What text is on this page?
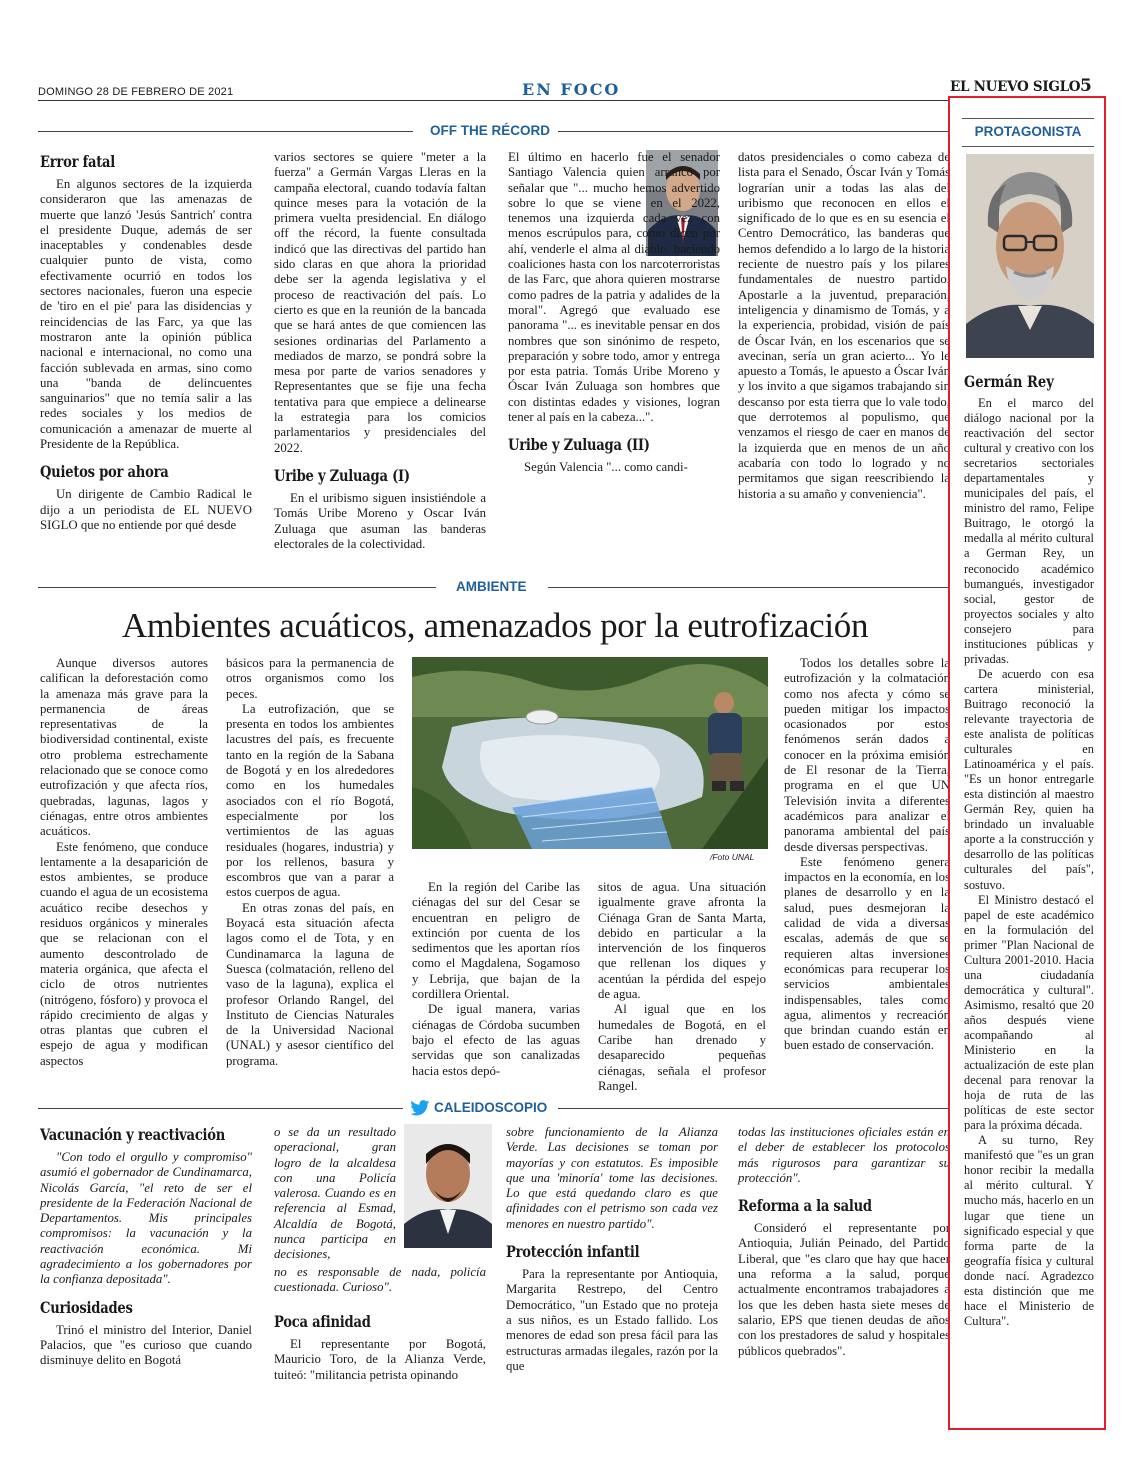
DOMINGO 28 DE FEBRERO DE 2021	EN FOCO	EL NUEVO SIGLO 5
OFF THE RÉCORD
Error fatal

En algunos sectores de la izquierda consideraron que las amenazas de muerte que lanzó 'Jesús Santrich' contra el presidente Duque, además de ser inaceptables y condenables desde cualquier punto de vista, como efectivamente ocurrió en todos los sectores nacionales, fueron una especie de 'tiro en el pie' para las disidencias y reincidencias de las Farc, ya que las mostraron ante la opinión pública nacional e internacional, no como una facción sublevada en armas, sino como una "banda de delincuentes sanguinarios" que no temía salir a las redes sociales y los medios de comunicación a amenazar de muerte al Presidente de la República.

Quietos por ahora

Un dirigente de Cambio Radical le dijo a un periodista de EL NUEVO SIGLO que no entiende por qué desde

varios sectores se quiere "meter a la fuerza" a Germán Vargas Lleras en la campaña electoral, cuando todavía faltan quince meses para la votación de la primera vuelta presidencial. En diálogo off the récord, la fuente consultada indicó que las directivas del partido han sido claras en que ahora la prioridad debe ser la agenda legislativa y el proceso de reactivación del país. Lo cierto es que en la reunión de la bancada que se hará antes de que comiencen las sesiones ordinarias del Parlamento a mediados de marzo, se pondrá sobre la mesa por parte de varios senadores y Representantes que se fije una fecha tentativa para que empiece a delinearse la estrategia para los comicios parlamentarios y presidenciales del 2022.

Uribe y Zuluaga (I)

En el uribismo siguen insistiéndole a Tomás Uribe Moreno y Oscar Iván Zuluaga que asuman las banderas electorales de la colectividad.

El último en hacerlo fue el senador Santiago Valencia quien arrancó por señalar que "... mucho hemos advertido sobre lo que se viene en el 2022, tenemos una izquierda cada vez con menos escrúpulos para, como dicen por ahí, venderle el alma al diablo, haciendo coaliciones hasta con los narcoterroristas de las Farc, que ahora quieren mostrarse como padres de la patria y adalides de la moral". Agregó que evaluado ese panorama "... es inevitable pensar en dos nombres que son sinónimo de respeto, preparación y sobre todo, amor y entrega por esta patria. Tomás Uribe Moreno y Óscar Iván Zuluaga son hombres que con distintas edades y visiones, logran tener al país en la cabeza...".

Uribe y Zuluaga (II)

Según Valencia "... como candi-

datos presidenciales o como cabeza de lista para el Senado, Óscar Iván y Tomás lograrían unir a todas las alas del uribismo que reconocen en ellos el significado de lo que es en su esencia el Centro Democrático, las banderas que hemos defendido a lo largo de la historia reciente de nuestro país y los pilares fundamentales de nuestro partido. Apostarle a la juventud, preparación, inteligencia y dinamismo de Tomás, y a la experiencia, probidad, visión de país de Óscar Iván, en los escenarios que se avecinan, sería un gran acierto... Yo le apuesto a Tomás, le apuesto a Óscar Iván y los invito a que sigamos trabajando sin descanso por esta tierra que lo vale todo, que derrotemos al populismo, que venzamos el riesgo de caer en manos de la izquierda que en menos de un año acabaría con todo lo logrado y no permitamos que sigan reescribiendo la historia a su amaño y conveniencia".

AMBIENTE
Ambientes acuáticos, amenazados por la eutrofización

Aunque diversos autores califican la deforestación como la amenaza más grave para la permanencia de áreas representativas de la biodiversidad continental, existe otro problema estrechamente relacionado que se conoce como eutrofización y que afecta ríos, quebradas, lagunas, lagos y ciénagas, entre otros ambientes acuáticos.

Este fenómeno, que conduce lentamente a la desaparición de estos ambientes, se produce cuando el agua de un ecosistema acuático recibe desechos y residuos orgánicos y minerales que se relacionan con el aumento descontrolado de materia orgánica, que afecta el ciclo de otros nutrientes (nitrógeno, fósforo) y provoca el rápido crecimiento de algas y otras plantas que cubren el espejo de agua y modifican aspectos

básicos para la permanencia de otros organismos como los peces.

La eutrofización, que se presenta en todos los ambientes lacustres del país, es frecuente tanto en la región de la Sabana de Bogotá y en los alrededores como en los humedales asociados con el río Bogotá, especialmente por los vertimientos de las aguas residuales (hogares, industria) y por los rellenos, basura y escombros que van a parar a estos cuerpos de agua.

En otras zonas del país, en Boyacá esta situación afecta lagos como el de Tota, y en Cundinamarca la laguna de Suesca (colmatación, relleno del vaso de la laguna), explica el profesor Orlando Rangel, del Instituto de Ciencias Naturales de la Universidad Nacional (UNAL) y asesor científico del programa.

/Foto UNAL

En la región del Caribe las ciénagas del sur del Cesar se encuentran en peligro de extinción por cuenta de los sedimentos que les aportan ríos como el Magdalena, Sogamoso y Lebrija, que bajan de la cordillera Oriental.

De igual manera, varias ciénagas de Córdoba sucumben bajo el efecto de las aguas servidas que son canalizadas hacia estos depó-

sitos de agua. Una situación igualmente grave afronta la Ciénaga Gran de Santa Marta, debido en particular a la intervención de los finqueros que rellenan los diques y acentúan la pérdida del espejo de agua.

Al igual que en los humedales de Bogotá, en el Caribe han drenado y desaparecido pequeñas ciénagas, señala el profesor Rangel.

Todos los detalles sobre la eutrofización y la colmatación como nos afecta y cómo se pueden mitigar los impactos ocasionados por estos fenómenos serán dados a conocer en la próxima emisión de El resonar de la Tierra, programa en el que UN Televisión invita a diferentes académicos para analizar el panorama ambiental del país desde diversas perspectivas.

Este fenómeno genera impactos en la economía, en los planes de desarrollo y en la salud, pues desmejoran la calidad de vida a diversas escalas, además de que se requieren altas inversiones económicas para recuperar los servicios ambientales indispensables, tales como agua, alimentos y recreación que brindan cuando están en buen estado de conservación.

CALEIDOSCOPIO
Vacunación y reactivación

"Con todo el orgullo y compromiso" asumió el gobernador de Cundinamarca, Nicolás García, "el reto de ser el presidente de la Federación Nacional de Departamentos. Mis principales compromisos: la vacunación y la reactivación económica. Mi agradecimiento a los gobernadores por la confianza depositada".

Curiosidades

Trinó el ministro del Interior, Daniel Palacios, que "es curioso que cuando disminuye delito en Bogotá

o se da un resultado operacional, gran logro de la alcaldesa con una Policía valerosa. Cuando es en referencia al Esmad, Alcaldía de Bogotá, nunca participa en decisiones,

no es responsable de nada, policía cuestionada. Curioso".

Poca afinidad

El representante por Bogotá, Mauricio Toro, de la Alianza Verde, tuiteó: "militancia petrista opinando

sobre funcionamiento de la Alianza Verde. Las decisiones se toman por mayorías y con estatutos. Es imposible que una 'minoría' tome las decisiones. Lo que está quedando claro es que afinidades con el petrismo son cada vez menores en nuestro partido".

Protección infantil

Para la representante por Antioquia, Margarita Restrepo, del Centro Democrático, "un Estado que no proteja a sus niños, es un Estado fallido. Los menores de edad son presa fácil para las estructuras armadas ilegales, razón por la que

todas las instituciones oficiales están en el deber de establecer los protocolos más rigurosos para garantizar su protección".

Reforma a la salud

Consideró el representante por Antioquia, Julián Peinado, del Partido Liberal, que "es claro que hay que hacer una reforma a la salud, porque actualmente encontramos trabajadores a los que les deben hasta siete meses de salario, EPS que tienen deudas de años con los prestadores de salud y hospitales públicos quebrados".

PROTAGONISTA
Germán Rey

En el marco del diálogo nacional por la reactivación del sector cultural y creativo con los secretarios sectoriales departamentales y municipales del país, el ministro del ramo, Felipe Buitrago, le otorgó la medalla al mérito cultural a German Rey, un reconocido académico bumangués, investigador social, gestor de proyectos sociales y alto consejero para instituciones públicas y privadas.

De acuerdo con esa cartera ministerial, Buitrago reconoció la relevante trayectoria de este analista de políticas culturales en Latinoamérica y el país. "Es un honor entregarle esta distinción al maestro Germán Rey, quien ha brindado un invaluable aporte a la construcción y desarrollo de las políticas culturales del país", sostuvo.

El Ministro destacó el papel de este académico en la formulación del primer "Plan Nacional de Cultura 2001-2010. Hacia una ciudadanía democrática y cultural". Asimismo, resaltó que 20 años después viene acompañando al Ministerio en la actualización de este plan decenal para renovar la hoja de ruta de las políticas de este sector para la próxima década.

A su turno, Rey manifestó que "es un gran honor recibir la medalla al mérito cultural. Y mucho más, hacerlo en un lugar que tiene un significado especial y que forma parte de la geografía física y cultural donde nací. Agradezco esta distinción que me hace el Ministerio de Cultura".
